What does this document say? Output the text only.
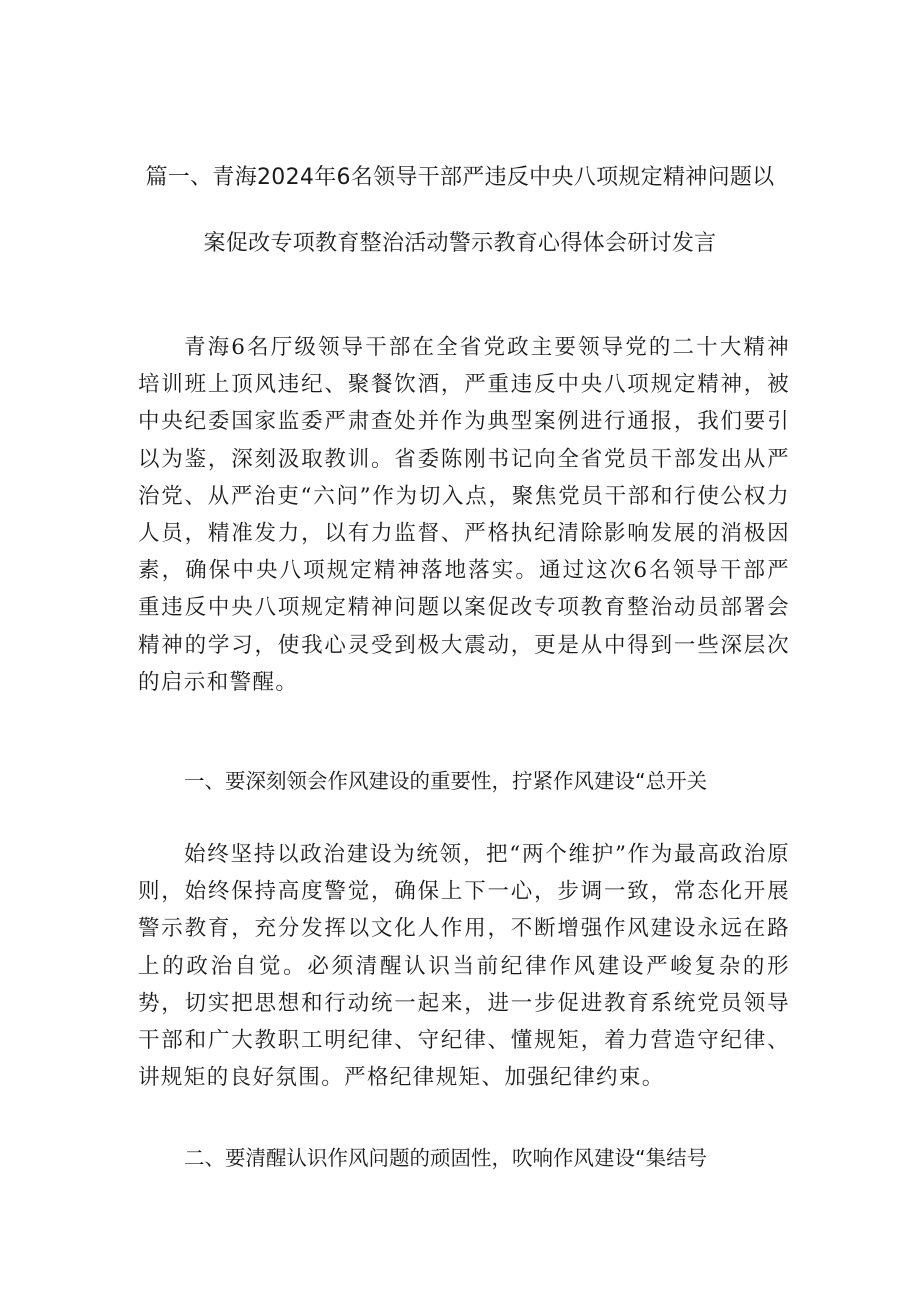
篇一、青海2024年6名领导干部严违反中央八项规定精神问题以
案促改专项教育整治活动警示教育心得体会研讨发言

青海6名厅级领导干部在全省党政主要领导党的二十大精神培训班上顶风违纪、聚餐饮酒，严重违反中央八项规定精神，被中央纪委国家监委严肃查处并作为典型案例进行通报，我们要引以为鉴，深刻汲取教训。省委陈刚书记向全省党员干部发出从严治党、从严治吏“六问”作为切入点，聚焦党员干部和行使公权力人员，精准发力，以有力监督、严格执纪清除影响发展的消极因素，确保中央八项规定精神落地落实。通过这次6名领导干部严重违反中央八项规定精神问题以案促改专项教育整治动员部署会精神的学习，使我心灵受到极大震动，更是从中得到一些深层次的启示和警醒。

一、要深刻领会作风建设的重要性，拧紧作风建设“总开关

始终坚持以政治建设为统领，把“两个维护”作为最高政治原则，始终保持高度警觉，确保上下一心，步调一致，常态化开展警示教育，充分发挥以文化人作用，不断增强作风建设永远在路上的政治自觉。必须清醒认识当前纪律作风建设严峻复杂的形势，切实把思想和行动统一起来，进一步促进教育系统党员领导干部和广大教职工明纪律、守纪律、懂规矩，着力营造守纪律、讲规矩的良好氛围。严格纪律规矩、加强纪律约束。

二、要清醒认识作风问题的顽固性，吹响作风建设“集结号
